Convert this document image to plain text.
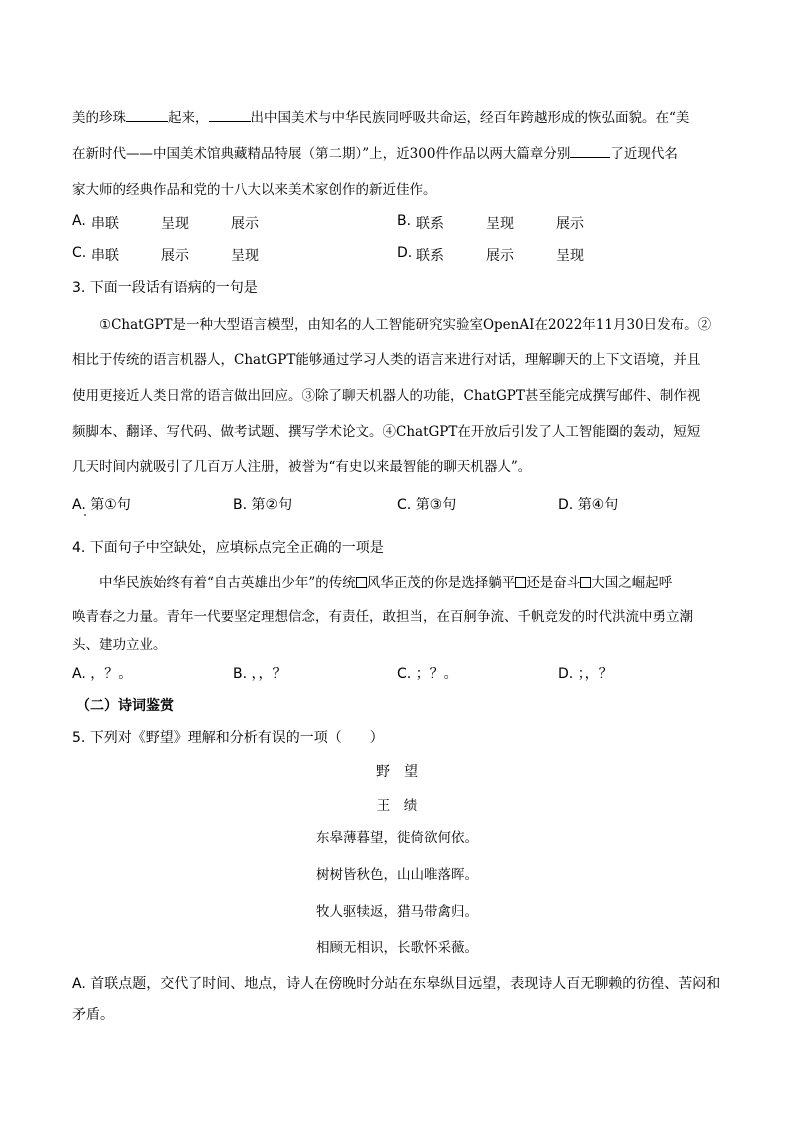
美的珍珠	起来，	出中国美术与中华民族同呼吸共命运，经百年跨越形成的恢弘面貌。在“美
在新时代——中国美术馆典藏精品特展（第二期）”上，近300件作品以两大篇章分别	了近现代名
家大师的经典作品和党的十八大以来美术家创作的新近佳作。
A. 串联	呈现	展示	B. 联系	呈现	展示
C. 串联	展示	呈现	D. 联系	展示	呈现
3. 下面一段话有语病的一句是
①ChatGPT是一种大型语言模型，由知名的人工智能研究实验室OpenAI在2022年11月30日发布。②
相比于传统的语言机器人，ChatGPT能够通过学习人类的语言来进行对话，理解聊天的上下文语境，并且
使用更接近人类日常的语言做出回应。③除了聊天机器人的功能，ChatGPT甚至能完成撰写邮件、制作视
频脚本、翻译、写代码、做考试题、撰写学术论文。④ChatGPT在开放后引发了人工智能圈的轰动，短短
几天时间内就吸引了几百万人注册，被誉为“有史以来最智能的聊天机器人”。
A. 第①句	B. 第②句	C. 第③句	D. 第④句
4. 下面句子中空缺处，应填标点完全正确的一项是
中华民族始终有着“自古英雄出少年”的传统 风华正茂的你是选择躺平 还是奋斗 大国之崛起呼
唤青春之力量。青年一代要坚定理想信念，有责任，敢担当，在百舸争流、千帆竞发的时代洪流中勇立潮
头、建功立业。
A. ，？。	B. ，，？	C. ；？。	D. ；，？
（二）诗词鉴赏
5. 下列对《野望》理解和分析有误的一项（　　）
野　望
王　绩
东皋薄暮望，徙倚欲何依。
树树皆秋色，山山唯落晖。
牧人驱犊返，猎马带禽归。
相顾无相识，长歌怀采薇。
A. 首联点题，交代了时间、地点，诗人在傍晚时分站在东皋纵目远望，表现诗人百无聊赖的彷徨、苦闷和
矛盾。
